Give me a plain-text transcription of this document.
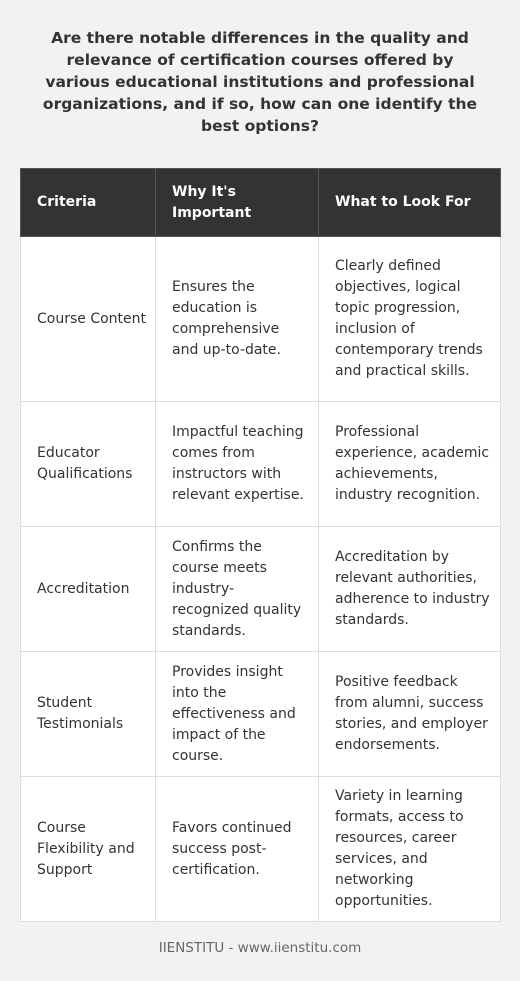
Are there notable differences in the quality and relevance of certification courses offered by various educational institutions and professional organizations, and if so, how can one identify the best options?
Criteria	Why It's Important	What to Look For
Course Content	Ensures the education is comprehensive and up-to-date.	Clearly defined objectives, logical topic progression, inclusion of contemporary trends and practical skills.
Educator Qualifications	Impactful teaching comes from instructors with relevant expertise.	Professional experience, academic achievements, industry recognition.
Accreditation	Confirms the course meets industry-recognized quality standards.	Accreditation by relevant authorities, adherence to industry standards.
Student Testimonials	Provides insight into the effectiveness and impact of the course.	Positive feedback from alumni, success stories, and employer endorsements.
Course Flexibility and Support	Favors continued success post-certification.	Variety in learning formats, access to resources, career services, and networking opportunities.
IIENSTITU - www.iienstitu.com
